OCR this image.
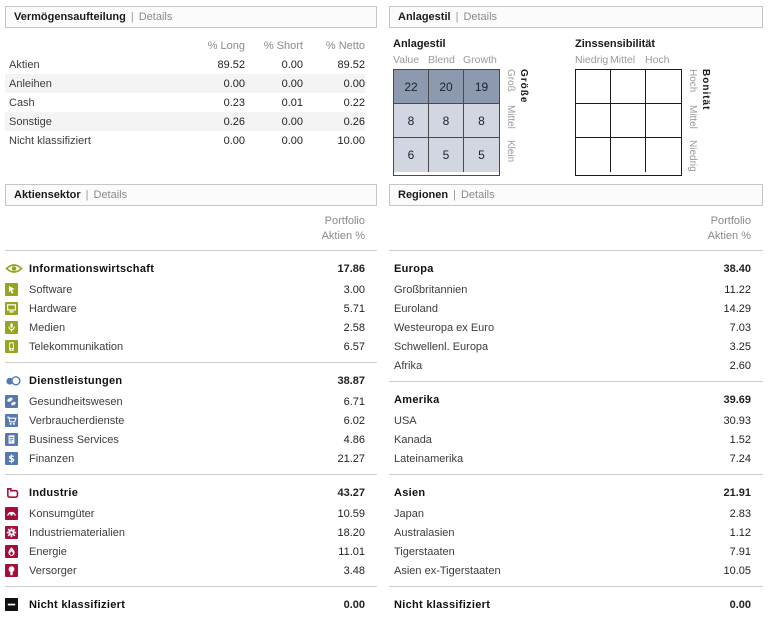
Vermögensaufteilung | Details
% Long	% Short	% Netto
Aktien	89.52	0.00	89.52
Anleihen	0.00	0.00	0.00
Cash	0.23	0.01	0.22
Sonstige	0.26	0.00	0.26
Nicht klassifiziert	0.00	0.00	10.00
Aktiensektor | Details
Portfolio
Aktien %
Informationswirtschaft	17.86
Software	3.00
Hardware	5.71
Medien	2.58
Telekommunikation	6.57
Dienstleistungen	38.87
Gesundheitswesen	6.71
Verbraucherdienste	6.02
Business Services	4.86
$ Finanzen	21.27
Industrie	43.27
Konsumgüter	10.59
Industriematerialien	18.20
Energie	11.01
Versorger	3.48
Nicht klassifiziert	0.00
Anlagestil | Details
Anlagestil
Value Blend Growth
22	20	19
8	8	8
6	5	5
Groß
Mittel
Klein
Größe
Zinssensibilität
Niedrig Mittel Hoch
Hoch
Mittel
Niedrig
Bonität
Regionen | Details
Portfolio
Aktien %
Europa	38.40
Großbritannien	11.22
Euroland	14.29
Westeuropa ex Euro	7.03
Schwellenl. Europa	3.25
Afrika	2.60
Amerika	39.69
USA	30.93
Kanada	1.52
Lateinamerika	7.24
Asien	21.91
Japan	2.83
Australasien	1.12
Tigerstaaten	7.91
Asien ex-Tigerstaaten	10.05
Nicht klassifiziert	0.00
